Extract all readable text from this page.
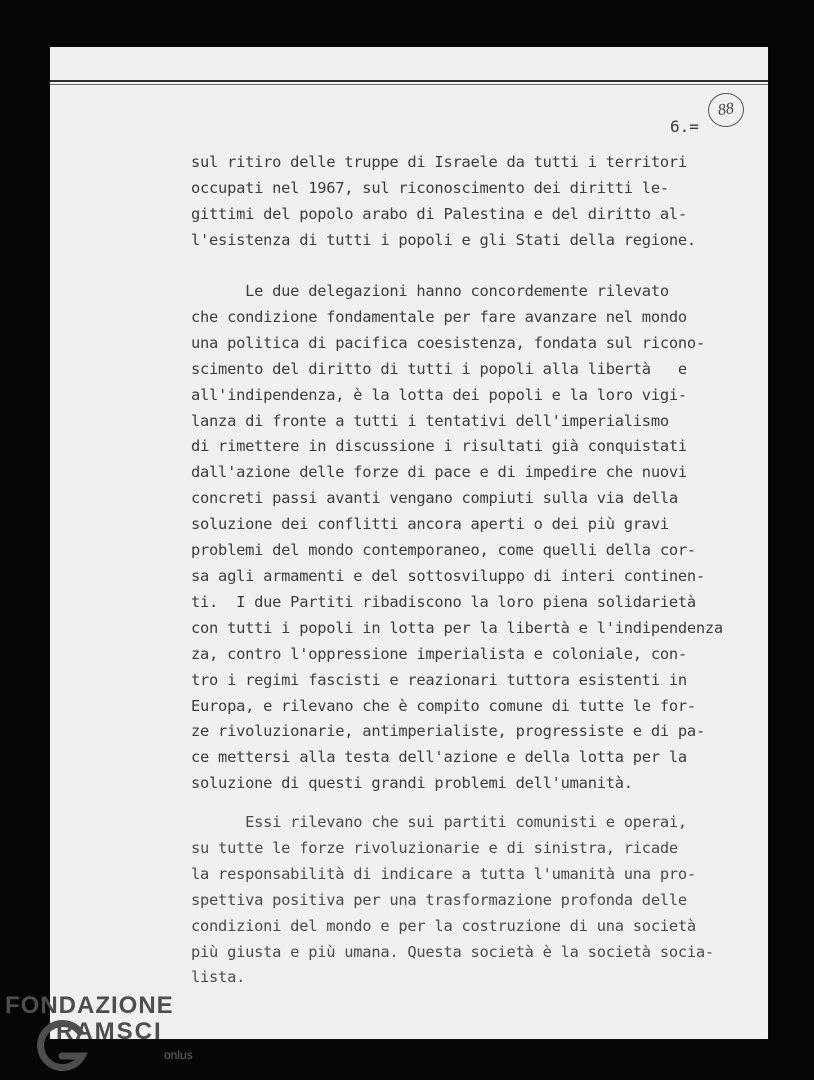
88
6.=
sul ritiro delle truppe di Israele da tutti i territori
occupati nel 1967, sul riconoscimento dei diritti le-
gittimi del popolo arabo di Palestina e del diritto al-
l'esistenza di tutti i popoli e gli Stati della regione.
Le due delegazioni hanno concordemente rilevato
che condizione fondamentale per fare avanzare nel mondo
una politica di pacifica coesistenza, fondata sul ricono-
scimento del diritto di tutti i popoli alla libertà   e
all'indipendenza, è la lotta dei popoli e la loro vigi-
lanza di fronte a tutti i tentativi dell'imperialismo
di rimettere in discussione i risultati già conquistati
dall'azione delle forze di pace e di impedire che nuovi
concreti passi avanti vengano compiuti sulla via della
soluzione dei conflitti ancora aperti o dei più gravi
problemi del mondo contemporaneo, come quelli della cor-
sa agli armamenti e del sottosviluppo di interi continen-
ti.  I due Partiti ribadiscono la loro piena solidarietà
con tutti i popoli in lotta per la libertà e l'indipendenza
za, contro l'oppressione imperialista e coloniale, con-
tro i regimi fascisti e reazionari tuttora esistenti in
Europa, e rilevano che è compito comune di tutte le for-
ze rivoluzionarie, antimperialiste, progressiste e di pa-
ce mettersi alla testa dell'azione e della lotta per la
soluzione di questi grandi problemi dell'umanità.
Essi rilevano che sui partiti comunisti e operai,
su tutte le forze rivoluzionarie e di sinistra, ricade
la responsabilità di indicare a tutta l'umanità una pro-
spettiva positiva per una trasformazione profonda delle
condizioni del mondo e per la costruzione di una società
più giusta e più umana. Questa società è la società socia-
lista.
FONDAZIONE
RAMSCI
onlus
